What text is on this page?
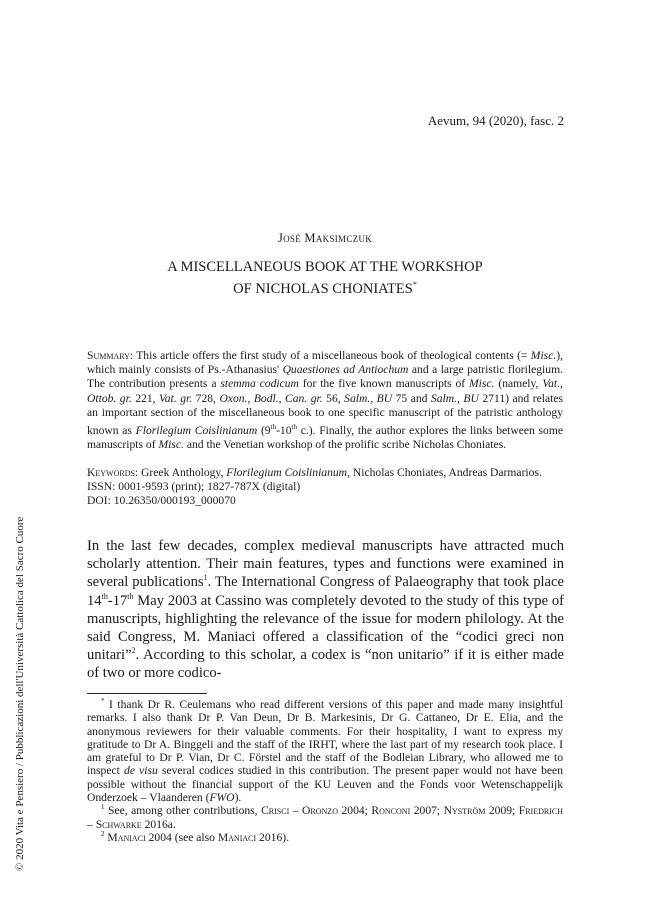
Aevum, 94 (2020), fasc. 2
José Maksimczuk
A MISCELLANEOUS BOOK AT THE WORKSHOP
OF NICHOLAS CHONIATES*
Summary: This article offers the first study of a miscellaneous book of theological contents (= Misc.), which mainly consists of Ps.-Athanasius' Quaestiones ad Antiochum and a large patristic florilegium. The contribution presents a stemma codicum for the five known manuscripts of Misc. (namely, Vat., Ottob. gr. 221, Vat. gr. 728, Oxon., Bodl., Can. gr. 56, Salm., BU 75 and Salm., BU 2711) and relates an important section of the miscellaneous book to one specific manuscript of the patristic anthology known as Florilegium Coislinianum (9th-10th c.). Finally, the author explores the links between some manuscripts of Misc. and the Venetian workshop of the prolific scribe Nicholas Choniates.
Keywords: Greek Anthology, Florilegium Coislinianum, Nicholas Choniates, Andreas Darmarios.
ISSN: 0001-9593 (print); 1827-787X (digital)
DOI: 10.26350/000193_000070
In the last few decades, complex medieval manuscripts have attracted much scholarly attention. Their main features, types and functions were examined in several publications$^1$. The International Congress of Palaeography that took place 14th-17th May 2003 at Cassino was completely devoted to the study of this type of manuscripts, highlighting the relevance of the issue for modern philology. At the said Congress, M. Maniaci offered a classification of the “codici greci non unitari”$^2$. According to this scholar, a codex is “non unitario” if it is either made of two or more codico-

* I thank Dr R. Ceulemans who read different versions of this paper and made many insightful remarks. I also thank Dr P. Van Deun, Dr B. Markesinis, Dr G. Cattaneo, Dr E. Elia, and the anonymous reviewers for their valuable comments. For their hospitality, I want to express my gratitude to Dr A. Binggeli and the staff of the IRHT, where the last part of my research took place. I am grateful to Dr P. Vian, Dr C. Förstel and the staff of the Bodleian Library, who allowed me to inspect de visu several codices studied in this contribution. The present paper would not have been possible without the financial support of the KU Leuven and the Fonds voor Wetenschappelijk Onderzoek – Vlaanderen (FWO).

$^1$ See, among other contributions, Crisci – Oronzo 2004; Ronconi 2007; Nyström 2009; Friedrich – Schwarke 2016a.

$^2$ Maniaci 2004 (see also Maniaci 2016).

© 2020 Vita e Pensiero / Pubblicazioni dell'Università Cattolica del Sacro Cuore
